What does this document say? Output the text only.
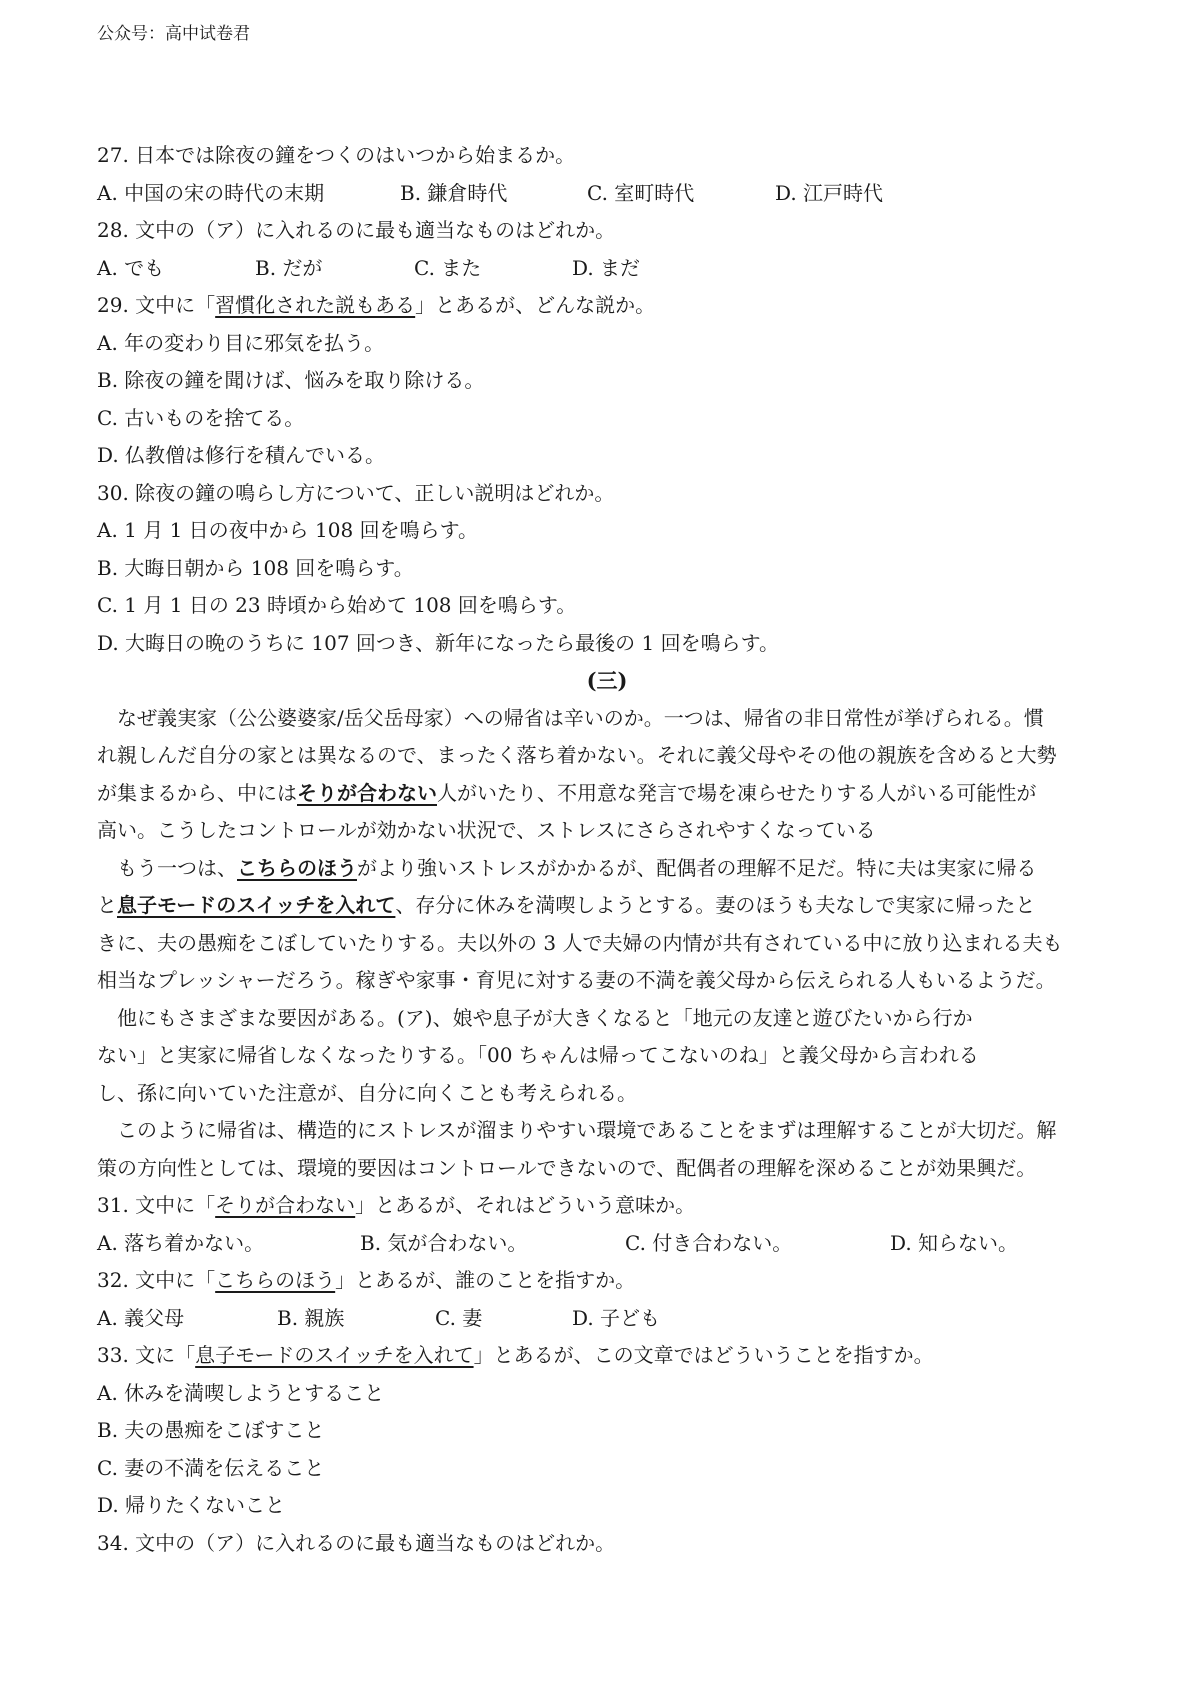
公众号：高中试卷君
27. 日本では除夜の鐘をつくのはいつから始まるか。
A. 中国の宋の時代の末期	B. 鎌倉時代	C. 室町時代	D. 江戸時代
28. 文中の（ア）に入れるのに最も適当なものはどれか。
A. でも	B. だが	C. また	D. まだ
29. 文中に「習慣化された説もある」とあるが、どんな説か。
A. 年の変わり目に邪気を払う。
B. 除夜の鐘を聞けば、悩みを取り除ける。
C. 古いものを捨てる。
D. 仏教僧は修行を積んでいる。
30. 除夜の鐘の鳴らし方について、正しい説明はどれか。
A. 1 月 1 日の夜中から 108 回を鳴らす。
B. 大晦日朝から 108 回を鳴らす。
C. 1 月 1 日の 23 時頃から始めて 108 回を鳴らす。
D. 大晦日の晩のうちに 107 回つき、新年になったら最後の 1 回を鳴らす。
(三)
　なぜ義実家（公公婆婆家/岳父岳母家）への帰省は辛いのか。一つは、帰省の非日常性が挙げられる。慣
れ親しんだ自分の家とは異なるので、まったく落ち着かない。それに義父母やその他の親族を含めると大勢
が集まるから、中にはそりが合わない人がいたり、不用意な発言で場を凍らせたりする人がいる可能性が
高い。こうしたコントロールが効かない状況で、ストレスにさらされやすくなっている
　もう一つは、こちらのほうがより強いストレスがかかるが、配偶者の理解不足だ。特に夫は実家に帰る
と息子モードのスイッチを入れて、存分に休みを満喫しようとする。妻のほうも夫なしで実家に帰ったと
きに、夫の愚痴をこぼしていたりする。夫以外の 3 人で夫婦の内情が共有されている中に放り込まれる夫も
相当なプレッシャーだろう。稼ぎや家事・育児に対する妻の不満を義父母から伝えられる人もいるようだ。
　他にもさまざまな要因がある。(ア)、娘や息子が大きくなると「地元の友達と遊びたいから行か
ない」と実家に帰省しなくなったりする。「00 ちゃんは帰ってこないのね」と義父母から言われる
し、孫に向いていた注意が、自分に向くことも考えられる。
　このように帰省は、構造的にストレスが溜まりやすい環境であることをまずは理解することが大切だ。解
策の方向性としては、環境的要因はコントロールできないので、配偶者の理解を深めることが効果興だ。
31. 文中に「そりが合わない」とあるが、それはどういう意味か。
A. 落ち着かない。	B. 気が合わない。	C. 付き合わない。	D. 知らない。
32. 文中に「こちらのほう」とあるが、誰のことを指すか。
A. 義父母	B. 親族	C. 妻	D. 子ども
33. 文に「息子モードのスイッチを入れて」とあるが、この文章ではどういうことを指すか。
A. 休みを満喫しようとすること
B. 夫の愚痴をこぼすこと
C. 妻の不満を伝えること
D. 帰りたくないこと
34. 文中の（ア）に入れるのに最も適当なものはどれか。
